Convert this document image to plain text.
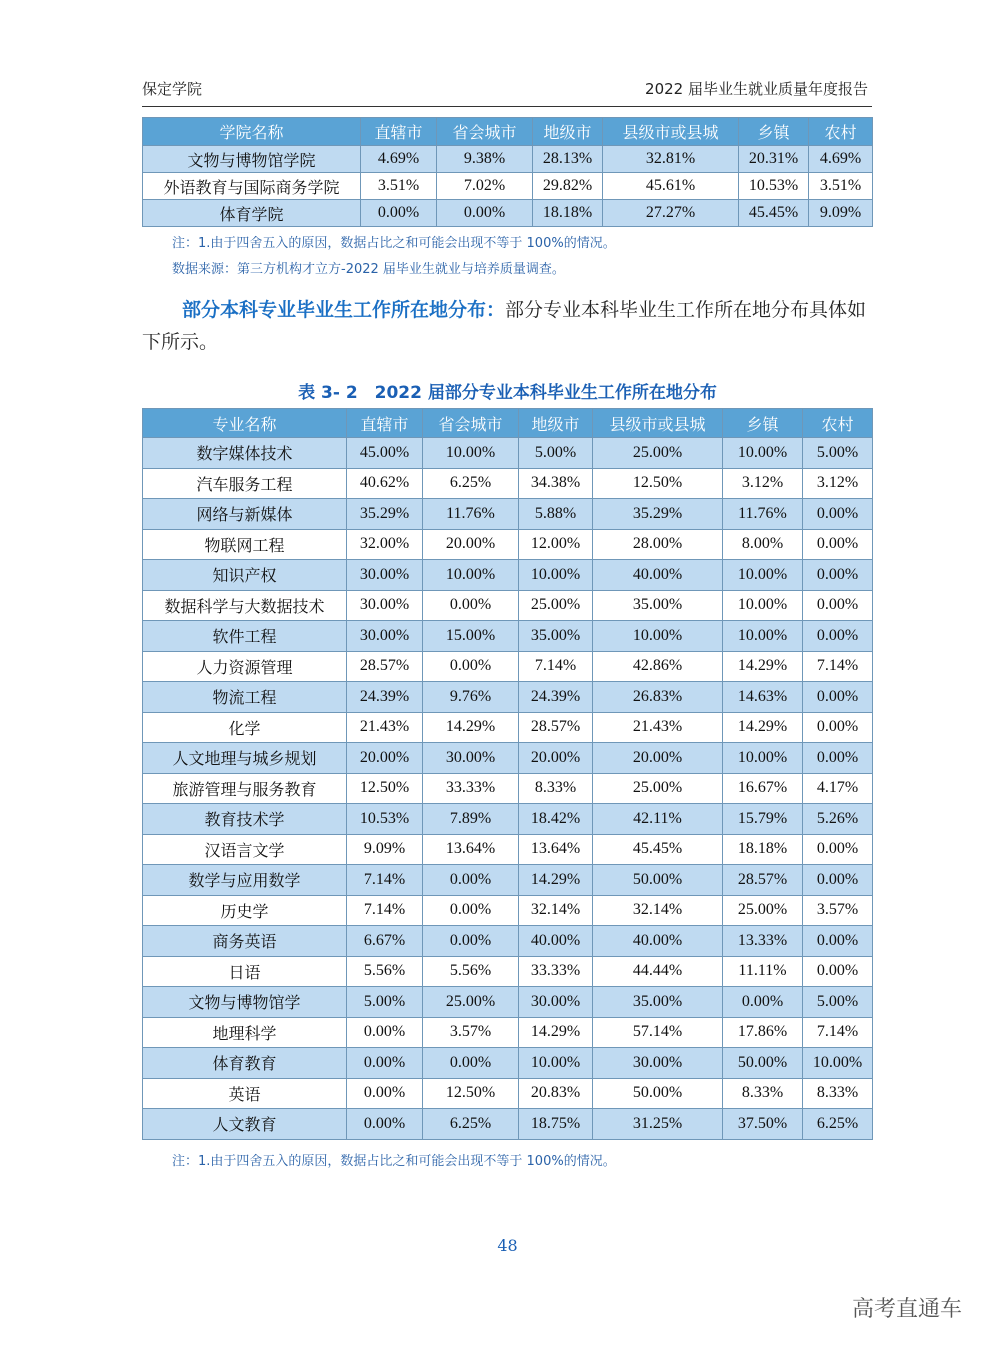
保定学院	2022 届毕业生就业质量年度报告
学院名称	直辖市	省会城市	地级市	县级市或县城	乡镇	农村
文物与博物馆学院	4.69%	9.38%	28.13%	32.81%	20.31%	4.69%
外语教育与国际商务学院	3.51%	7.02%	29.82%	45.61%	10.53%	3.51%
体育学院	0.00%	0.00%	18.18%	27.27%	45.45%	9.09%
注：1.由于四舍五入的原因，数据占比之和可能会出现不等于 100%的情况。
数据来源：第三方机构才立方-2022 届毕业生就业与培养质量调查。
部分本科专业毕业生工作所在地分布：部分专业本科毕业生工作所在地分布具体如下所示。
表 3- 2　2022 届部分专业本科毕业生工作所在地分布
专业名称	直辖市	省会城市	地级市	县级市或县城	乡镇	农村
数字媒体技术	45.00%	10.00%	5.00%	25.00%	10.00%	5.00%
汽车服务工程	40.62%	6.25%	34.38%	12.50%	3.12%	3.12%
网络与新媒体	35.29%	11.76%	5.88%	35.29%	11.76%	0.00%
物联网工程	32.00%	20.00%	12.00%	28.00%	8.00%	0.00%
知识产权	30.00%	10.00%	10.00%	40.00%	10.00%	0.00%
数据科学与大数据技术	30.00%	0.00%	25.00%	35.00%	10.00%	0.00%
软件工程	30.00%	15.00%	35.00%	10.00%	10.00%	0.00%
人力资源管理	28.57%	0.00%	7.14%	42.86%	14.29%	7.14%
物流工程	24.39%	9.76%	24.39%	26.83%	14.63%	0.00%
化学	21.43%	14.29%	28.57%	21.43%	14.29%	0.00%
人文地理与城乡规划	20.00%	30.00%	20.00%	20.00%	10.00%	0.00%
旅游管理与服务教育	12.50%	33.33%	8.33%	25.00%	16.67%	4.17%
教育技术学	10.53%	7.89%	18.42%	42.11%	15.79%	5.26%
汉语言文学	9.09%	13.64%	13.64%	45.45%	18.18%	0.00%
数学与应用数学	7.14%	0.00%	14.29%	50.00%	28.57%	0.00%
历史学	7.14%	0.00%	32.14%	32.14%	25.00%	3.57%
商务英语	6.67%	0.00%	40.00%	40.00%	13.33%	0.00%
日语	5.56%	5.56%	33.33%	44.44%	11.11%	0.00%
文物与博物馆学	5.00%	25.00%	30.00%	35.00%	0.00%	5.00%
地理科学	0.00%	3.57%	14.29%	57.14%	17.86%	7.14%
体育教育	0.00%	0.00%	10.00%	30.00%	50.00%	10.00%
英语	0.00%	12.50%	20.83%	50.00%	8.33%	8.33%
人文教育	0.00%	6.25%	18.75%	31.25%	37.50%	6.25%
注：1.由于四舍五入的原因，数据占比之和可能会出现不等于 100%的情况。
48
高考直通车
